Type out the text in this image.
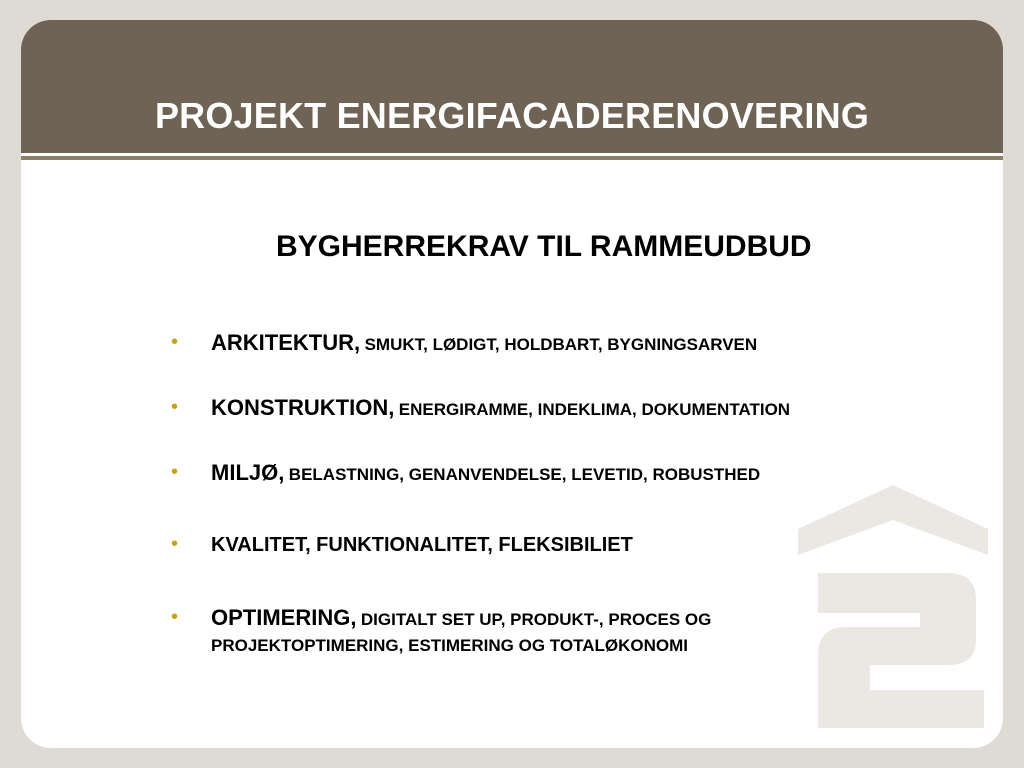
PROJEKT ENERGIFACADERENOVERING
BYGHERREKRAV TIL RAMMEUDBUD
• ARKITEKTUR, SMUKT, LØDIGT, HOLDBART, BYGNINGSARVEN
• KONSTRUKTION, ENERGIRAMME, INDEKLIMA, DOKUMENTATION
• MILJØ, BELASTNING, GENANVENDELSE, LEVETID, ROBUSTHED
• KVALITET, FUNKTIONALITET, FLEKSIBILIET
• OPTIMERING, DIGITALT SET UP, PRODUKT-, PROCES OG PROJEKTOPTIMERING, ESTIMERING OG TOTALØKONOMI
